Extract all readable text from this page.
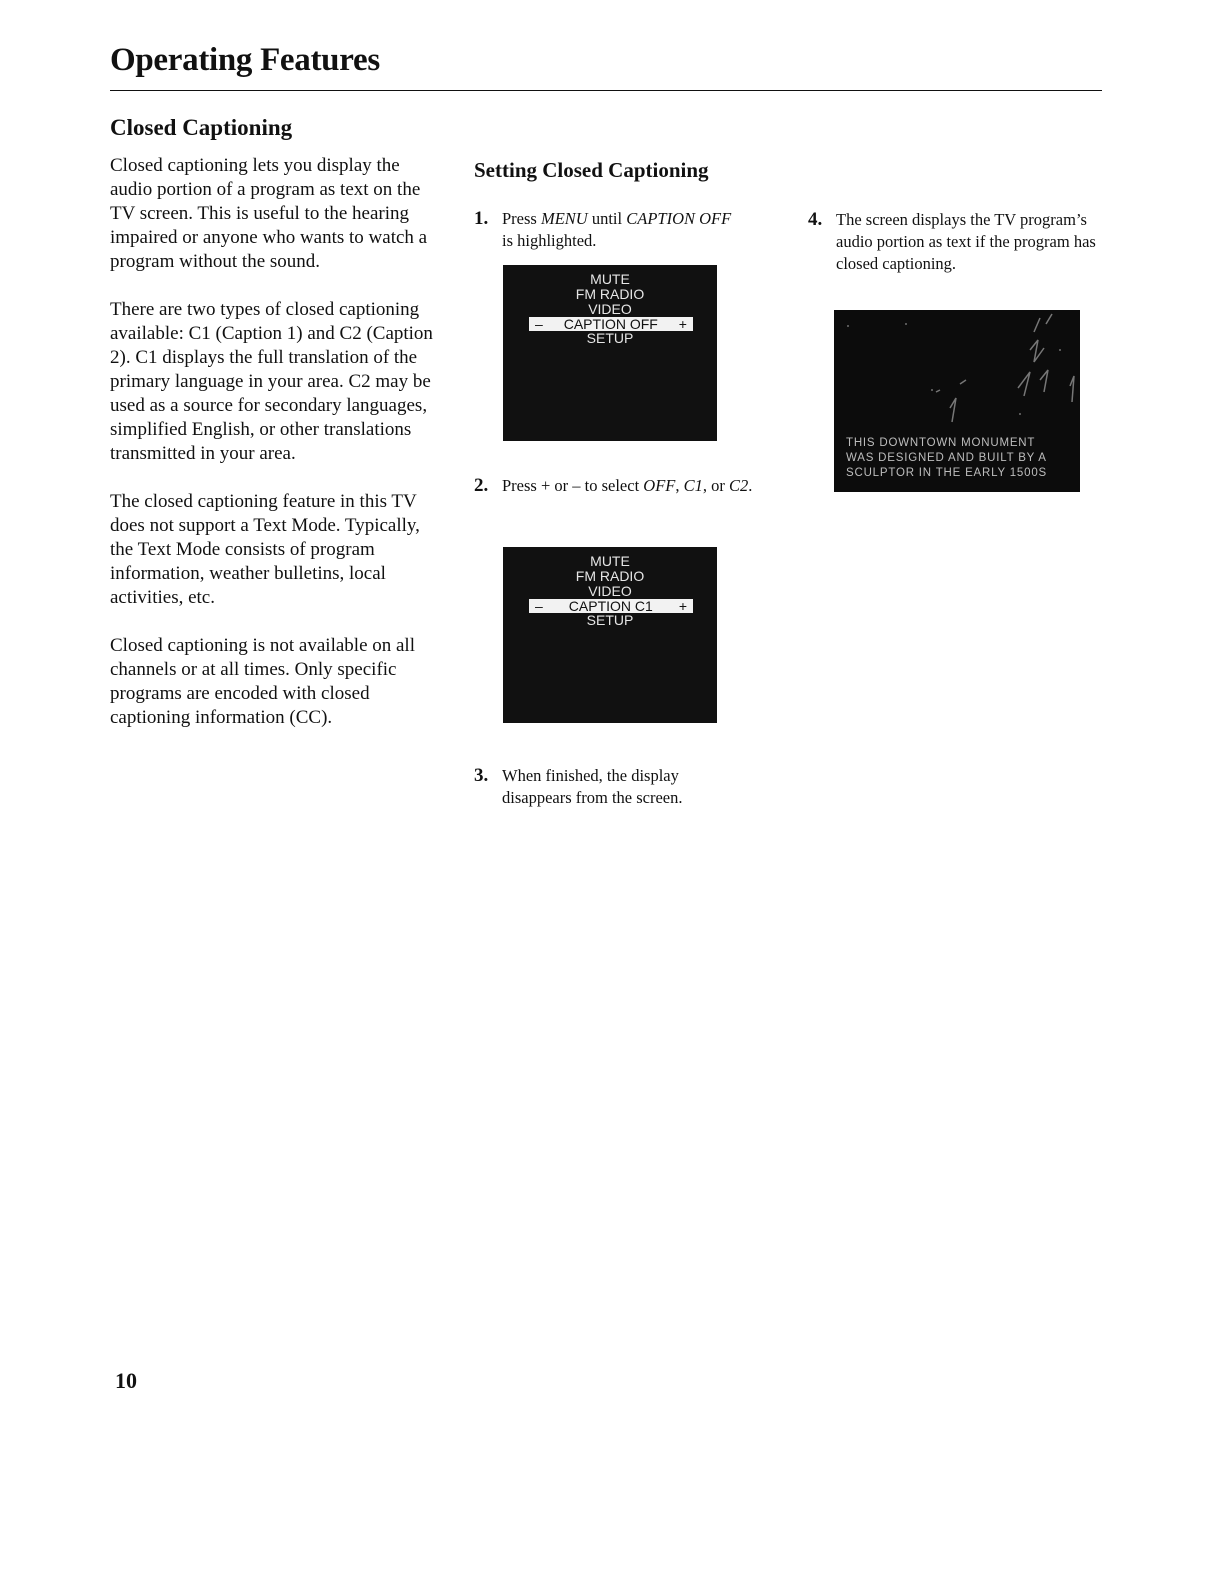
Operating Features
Closed Captioning

Closed captioning lets you display the audio portion of a program as text on the TV screen. This is useful to the hearing impaired or anyone who wants to watch a program without the sound.

There are two types of closed captioning available: C1 (Caption 1) and C2 (Caption 2). C1 displays the full translation of the primary language in your area. C2 may be used as a source for secondary languages, simplified English, or other translations transmitted in your area.

The closed captioning feature in this TV does not support a Text Mode. Typically, the Text Mode consists of program information, weather bulletins, local activities, etc.

Closed captioning is not available on all channels or at all times. Only specific programs are encoded with closed captioning information (CC).

Setting Closed Captioning
1. Press MENU until CAPTION OFF is highlighted.
MUTE
FM RADIO
VIDEO
– CAPTION OFF +
SETUP
2. Press + or – to select OFF, C1, or C2.
MUTE
FM RADIO
VIDEO
– CAPTION C1 +
SETUP
3. When finished, the display disappears from the screen.
4. The screen displays the TV program’s audio portion as text if the program has closed captioning.
THIS DOWNTOWN MONUMENT
WAS DESIGNED AND BUILT BY A
SCULPTOR IN THE EARLY 1500S
10
